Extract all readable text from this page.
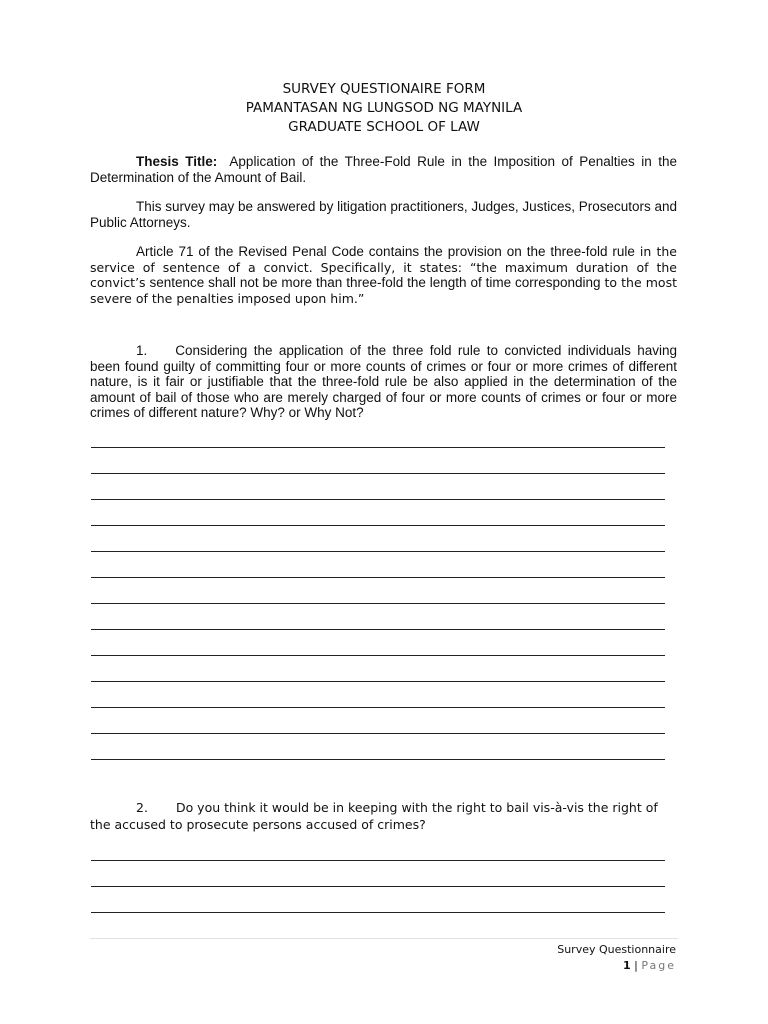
SURVEY QUESTIONAIRE FORM
PAMANTASAN NG LUNGSOD NG MAYNILA
GRADUATE SCHOOL OF LAW
Thesis Title: Application of the Three-Fold Rule in the Imposition of Penalties in the Determination of the Amount of Bail.
This survey may be answered by litigation practitioners, Judges, Justices, Prosecutors and Public Attorneys.
Article 71 of the Revised Penal Code contains the provision on the three-fold rule in the service of sentence of a convict. Specifically, it states: “the maximum duration of the convict’s sentence shall not be more than three-fold the length of time corresponding to the most severe of the penalties imposed upon him.”
1. Considering the application of the three fold rule to convicted individuals having been found guilty of committing four or more counts of crimes or four or more crimes of different nature, is it fair or justifiable that the three-fold rule be also applied in the determination of the amount of bail of those who are merely charged of four or more counts of crimes or four or more crimes of different nature? Why? or Why Not?
2. Do you think it would be in keeping with the right to bail vis-à-vis the right of the accused to prosecute persons accused of crimes?
Survey Questionnaire
1 | Page
